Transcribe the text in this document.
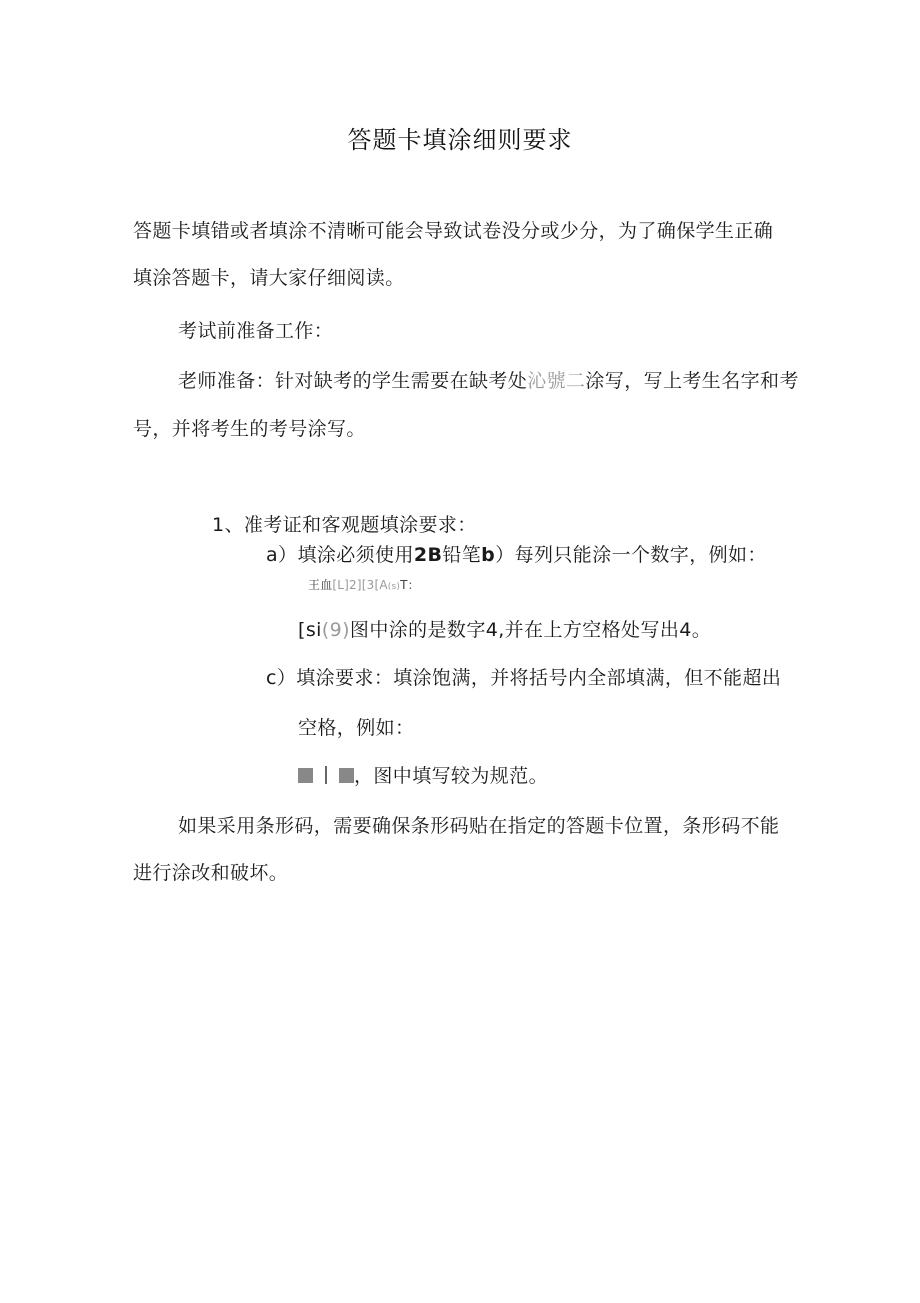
答题卡填涂细则要求
答题卡填错或者填涂不清晰可能会导致试卷没分或少分，为了确保学生正确
填涂答题卡，请大家仔细阅读。
考试前准备工作：
老师准备：针对缺考的学生需要在缺考处沁號二涂写，写上考生名字和考
号，并将考生的考号涂写。
1、准考证和客观题填涂要求：
a）填涂必须使用2B铅笔b）每列只能涂一个数字，例如：
王血[L]2][3[A(s)T：
[si(9)图中涂的是数字4,并在上方空格处写出4。
c）填涂要求：填涂饱满，并将括号内全部填满，但不能超出
空格，例如：
，图中填写较为规范。
如果采用条形码，需要确保条形码贴在指定的答题卡位置，条形码不能
进行涂改和破坏。
